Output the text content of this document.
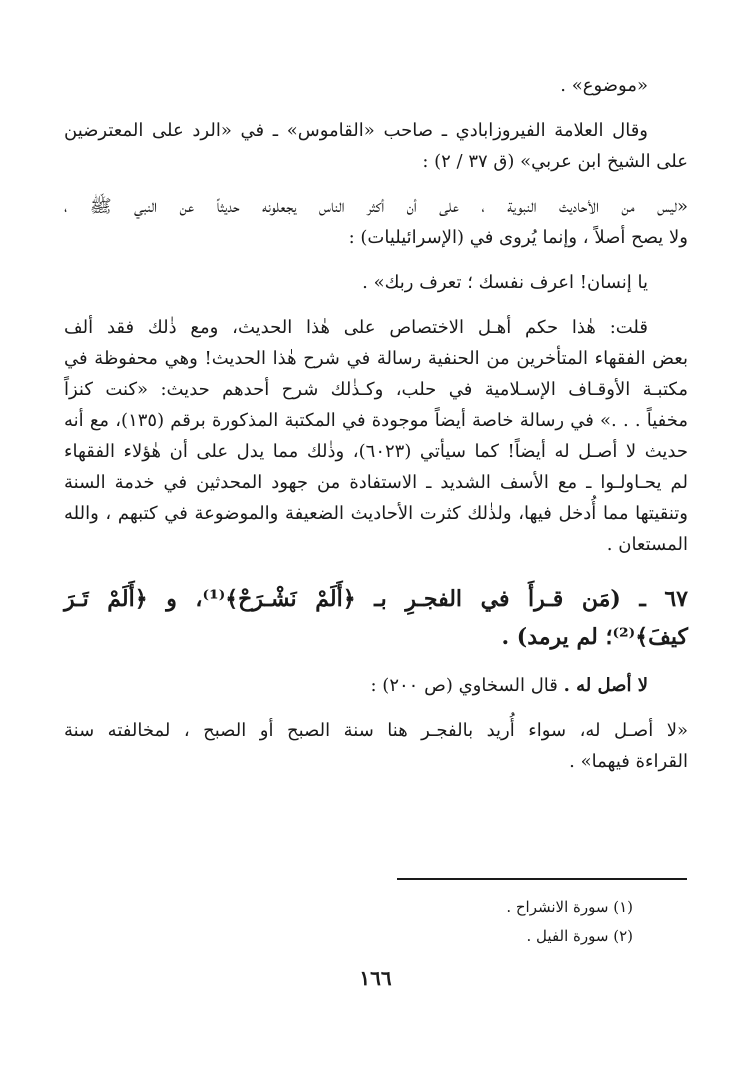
«موضوع» .

وقال العلامة الفيروزابادي ـ صاحب «القاموس» ـ في «الرد على المعترضين

على الشيخ ابن عربي» (ق ٣٧ / ٢) :

«ليس من الأحاديث النبوية ، على أن أكثر الناس يجعلونه حديثاً عن النبي ﷺ ،

ولا يصح أصلاً ، وإنما يُروى في (الإسرائيليات) :

يا إنسان! اعرف نفسك ؛ تعرف ربك» .

قلت: هٰذا حكم أهـل الاختصاص على هٰذا الحديث، ومع ذٰلك فقد ألف

بعض الفقهاء المتأخرين من الحنفية رسالة في شرح هٰذا الحديث! وهي محفوظة في

مكتبـة الأوقـاف الإسـلامية في حلب، وكـذٰلك شرح أحدهم حديث: «كنت كنزاً

مخفياً . . .» في رسالة خاصة أيضاً موجودة في المكتبة المذكورة برقم (١٣٥)، مع أنه

حديث لا أصـل له أيضاً! كما سيأتي (٦٠٢٣)، وذٰلك مما يدل على أن هٰؤلاء الفقهاء

لم يحـاولـوا ـ مع الأسف الشديد ـ الاستفادة من جهود المحدثين في خدمة السنة

وتنقيتها مما أُدخل فيها، ولذٰلك كثرت الأحاديث الضعيفة والموضوعة في كتبهم ، والله

المستعان .

٦٧ ـ (مَن قـرأَ في الفجـرِ بـ ﴿أَلَمْ نَشْـرَحْ﴾⁽¹⁾، و ﴿أَلَمْ تَـرَ

كيفَ﴾⁽²⁾؛ لم يرمد) .

لا أصل له . قال السخاوي (ص ٢٠٠) :

«لا أصـل له، سواء أُريد بالفجـر هنا سنة الصبح أو الصبح ، لمخالفته سنة

القراءة فيهما» .

(١) سورة الانشراح .
(٢) سورة الفيل .
١٦٦
